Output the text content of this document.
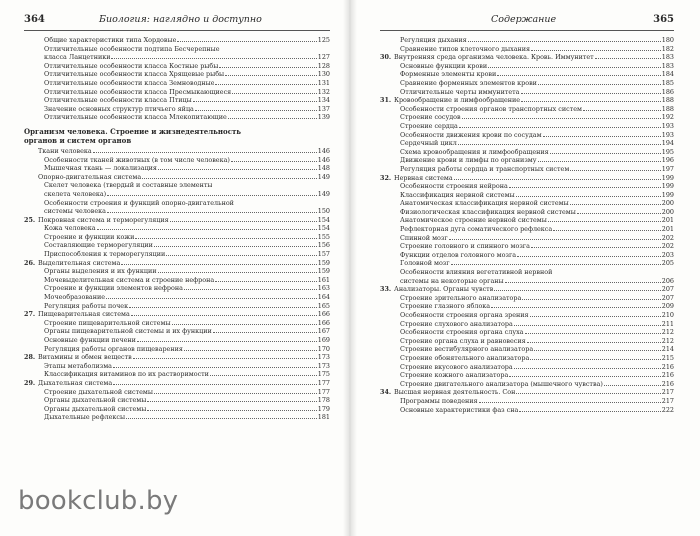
364	Биология: наглядно и доступно
Общие характеристики типа Хордовые	125
Отличительные особенности подтипа Бесчерепные
класса Ланцетники	127
Отличительные особенности класса Костные рыбы	128
Отличительные особенности класса Хрящевые рыбы	130
Отличительные особенности класса Земноводные	131
Отличительные особенности класса Пресмыкающиеся	132
Отличительные особенности класса Птицы	134
Значение основных структур птичьего яйца	137
Отличительные особенности класса Млекопитающие	139
Организм человека. Строение и жизнедеятельность
органов и систем органов
Ткани человека	146
Особенности тканей животных (в том числе человека)	146
Мышечная ткань — локализация	148
Опорно-двигательная система	149
Скелет человека (твердый и составные элементы
скелета человека)	149
Особенности строения и функций опорно-двигательной
системы человека	150
25. Покровная система и терморегуляция	154
Кожа человека	154
Строение и функции кожи	155
Составляющие терморегуляции	156
Приспособления к терморегуляции	157
26. Выделительная система	159
Органы выделения и их функции	159
Мочевыделительная система и строение нефрона	161
Строение и функции элементов нефрона	163
Мочеобразование	164
Регуляция работы почек	165
27. Пищеварительная система	166
Строение пищеварительной системы	166
Органы пищеварительной системы и их функции	167
Основные функции печени	169
Регуляция работы органов пищеварения	170
28. Витамины и обмен веществ	173
Этапы метаболизма	173
Классификация витаминов по их растворимости	175
29. Дыхательная система	177
Строение дыхательной системы	177
Органы дыхательной системы	178
Органы дыхательной системы	179
Дыхательные рефлексы	181
Содержание	365
Регуляция дыхания	180
Сравнение типов клеточного дыхания	182
30. Внутренняя среда организма человека. Кровь. Иммунитет	183
Основные функции крови	183
Форменные элементы крови	184
Сравнение форменных элементов крови	185
Отличительные черты иммунитета	186
31. Кровообращение и лимфообращение	188
Особенности строения органов транспортных систем	188
Строение сосудов	192
Строение сердца	193
Особенности движения крови по сосудам	193
Сердечный цикл	194
Схема кровообращения и лимфообращения	195
Движение крови и лимфы по организму	196
Регуляция работы сердца и транспортных систем	197
32. Нервная система	199
Особенности строения нейрона	199
Классификация нервной системы	199
Анатомическая классификация нервной системы	200
Физиологическая классификация нервной системы	200
Анатомическое строение нервной системы	201
Рефлекторная дуга соматического рефлекса	201
Спинной мозг	202
Строение головного и спинного мозга	202
Функции отделов головного мозга	203
Головной мозг	205
Особенности влияния вегетативной нервной
системы на некоторые органы	206
33. Анализаторы. Органы чувств	207
Строение зрительного анализатора	207
Строение глазного яблока	209
Особенности строения органа зрения	210
Строение слухового анализатора	211
Особенности строения органа слуха	212
Строение органа слуха и равновесия	212
Строение вестибулярного анализатора	214
Строение обонятельного анализатора	215
Строение вкусового анализатора	216
Строение кожного анализатора	216
Строение двигательного анализатора (мышечного чувства)	216
34. Высшая нервная деятельность. Сон	217
Программы поведения	217
Основные характеристики фаз сна	222
bookclub.by
